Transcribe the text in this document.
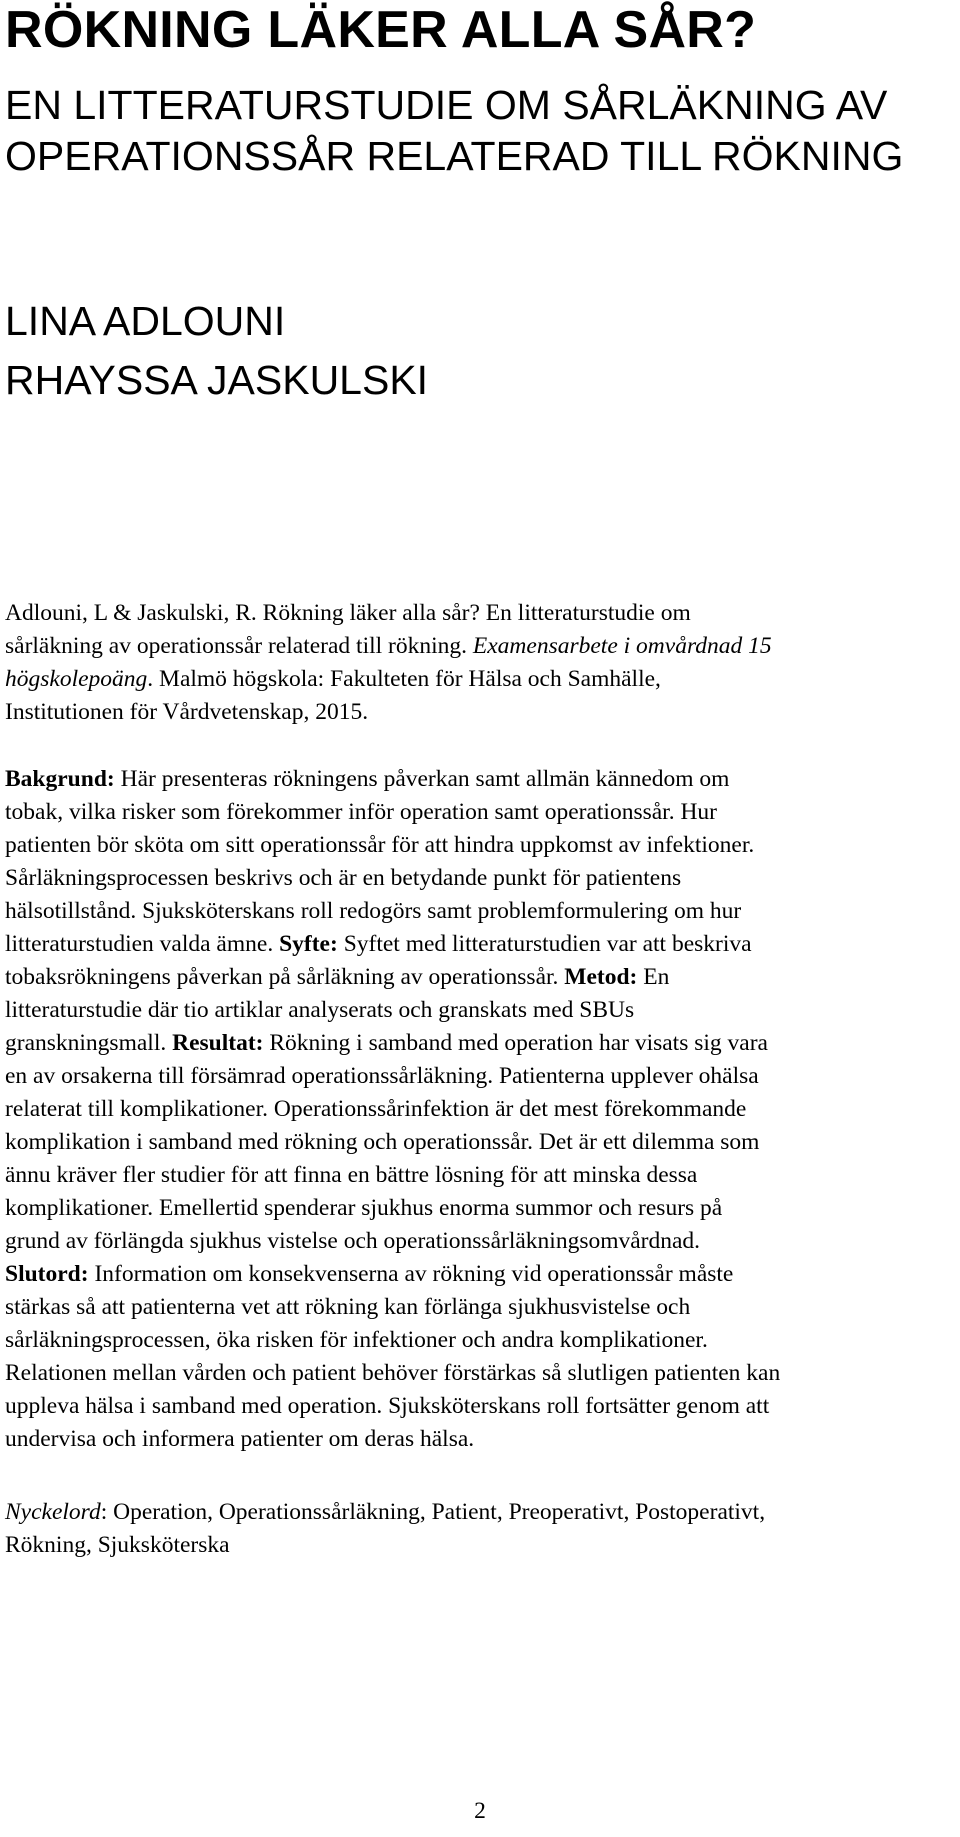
RÖKNING LÄKER ALLA SÅR?
EN LITTERATURSTUDIE OM SÅRLÄKNING AV
OPERATIONSSÅR RELATERAD TILL RÖKNING
LINA ADLOUNI
RHAYSSA JASKULSKI
Adlouni, L & Jaskulski, R. Rökning läker alla sår? En litteraturstudie om
sårläkning av operationssår relaterad till rökning. Examensarbete i omvårdnad 15
högskolepoäng. Malmö högskola: Fakulteten för Hälsa och Samhälle,
Institutionen för Vårdvetenskap, 2015.
Bakgrund: Här presenteras rökningens påverkan samt allmän kännedom om
tobak, vilka risker som förekommer inför operation samt operationssår. Hur
patienten bör sköta om sitt operationssår för att hindra uppkomst av infektioner.
Sårläkningsprocessen beskrivs och är en betydande punkt för patientens
hälsotillstånd. Sjuksköterskans roll redogörs samt problemformulering om hur
litteraturstudien valda ämne. Syfte: Syftet med litteraturstudien var att beskriva
tobaksrökningens påverkan på sårläkning av operationssår. Metod: En
litteraturstudie där tio artiklar analyserats och granskats med SBUs
granskningsmall. Resultat: Rökning i samband med operation har visats sig vara
en av orsakerna till försämrad operationssårläkning. Patienterna upplever ohälsa
relaterat till komplikationer. Operationssårinfektion är det mest förekommande
komplikation i samband med rökning och operationssår. Det är ett dilemma som
ännu kräver fler studier för att finna en bättre lösning för att minska dessa
komplikationer. Emellertid spenderar sjukhus enorma summor och resurs på
grund av förlängda sjukhus vistelse och operationssårläkningsomvårdnad.
Slutord: Information om konsekvenserna av rökning vid operationssår måste
stärkas så att patienterna vet att rökning kan förlänga sjukhusvistelse och
sårläkningsprocessen, öka risken för infektioner och andra komplikationer.
Relationen mellan vården och patient behöver förstärkas så slutligen patienten kan
uppleva hälsa i samband med operation. Sjuksköterskans roll fortsätter genom att
undervisa och informera patienter om deras hälsa.
Nyckelord: Operation, Operationssårläkning, Patient, Preoperativt, Postoperativt,
Rökning, Sjuksköterska
2
